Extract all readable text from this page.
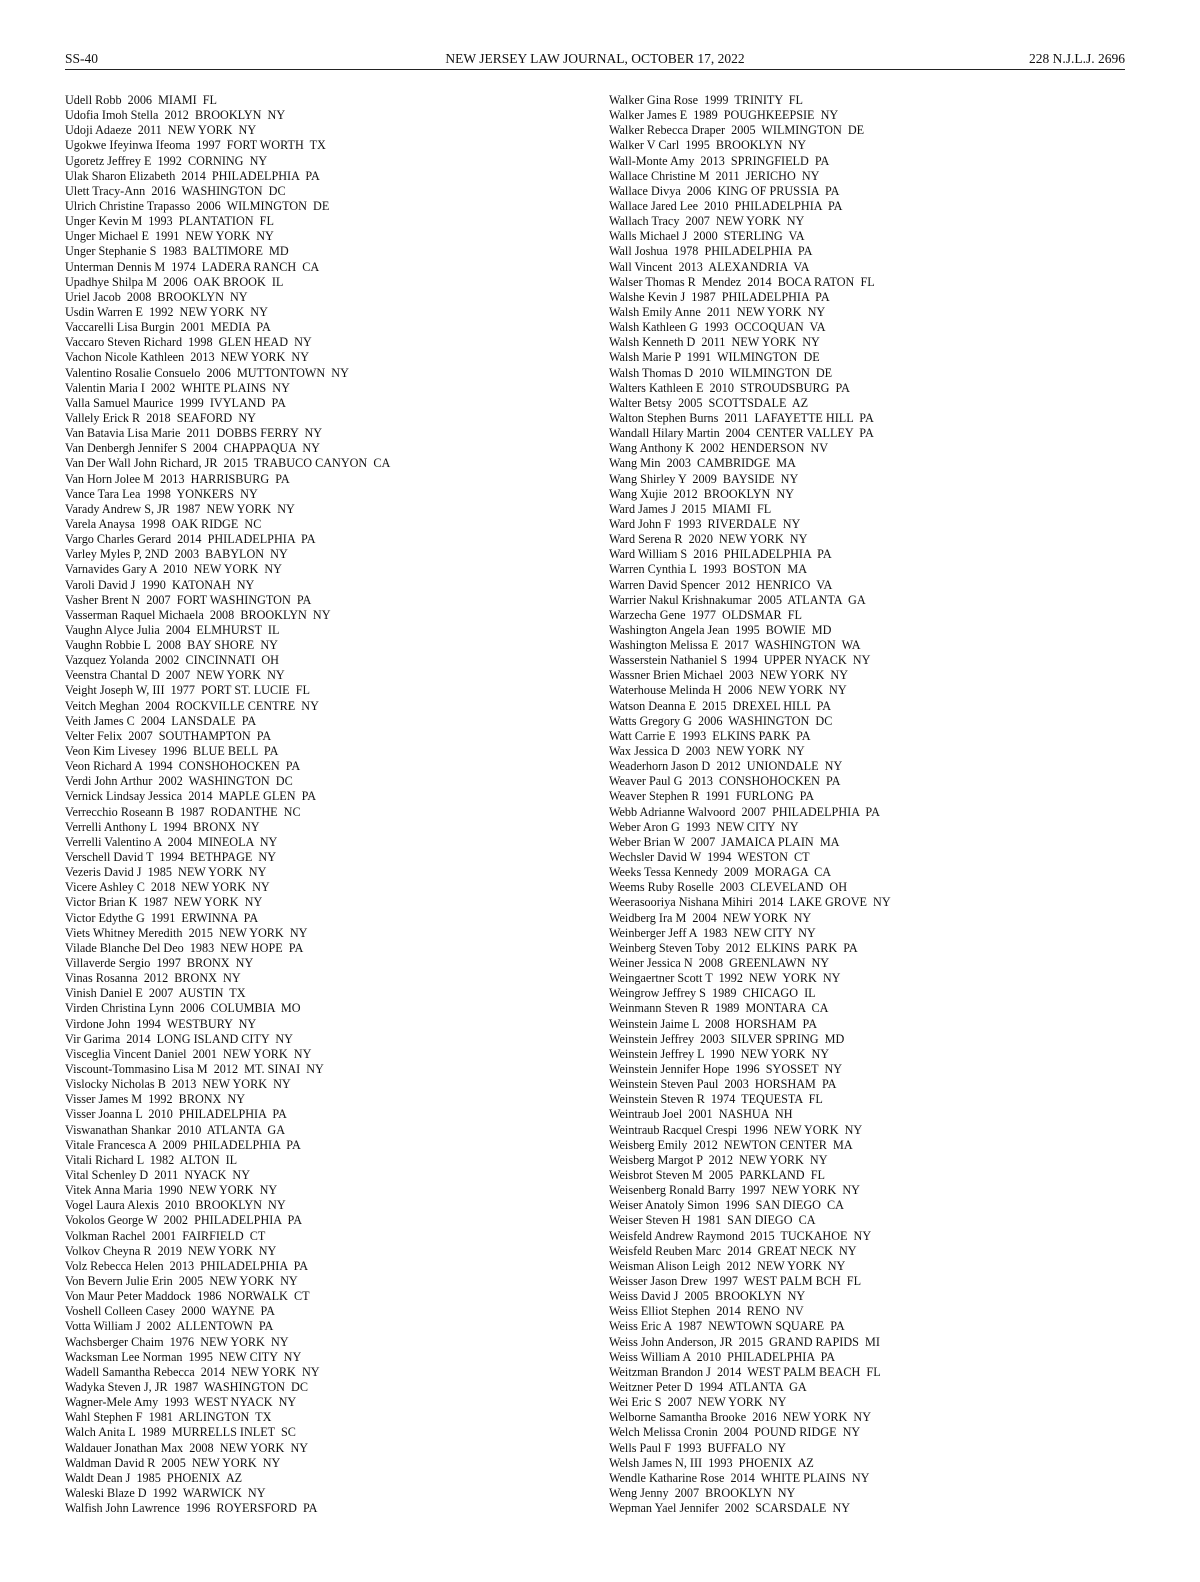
SS-40	NEW JERSEY LAW JOURNAL, OCTOBER 17, 2022	228 N.J.L.J. 2696
Udell Robb  2006  MIAMI  FL
Udofia Imoh Stella  2012  BROOKLYN  NY
Udoji Adaeze  2011  NEW YORK  NY
Ugokwe Ifeyinwa Ifeoma  1997  FORT WORTH  TX
Ugoretz Jeffrey E  1992  CORNING  NY
Ulak Sharon Elizabeth  2014  PHILADELPHIA  PA
Ulett Tracy-Ann  2016  WASHINGTON  DC
Ulrich Christine Trapasso  2006  WILMINGTON  DE
Unger Kevin M  1993  PLANTATION  FL
Unger Michael E  1991  NEW YORK  NY
Unger Stephanie S  1983  BALTIMORE  MD
Unterman Dennis M  1974  LADERA RANCH  CA
Upadhye Shilpa M  2006  OAK BROOK  IL
Uriel Jacob  2008  BROOKLYN  NY
Usdin Warren E  1992  NEW YORK  NY
Vaccarelli Lisa Burgin  2001  MEDIA  PA
Vaccaro Steven Richard  1998  GLEN HEAD  NY
Vachon Nicole Kathleen  2013  NEW YORK  NY
Valentino Rosalie Consuelo  2006  MUTTONTOWN  NY
Valentin Maria I  2002  WHITE PLAINS  NY
Valla Samuel Maurice  1999  IVYLAND  PA
Vallely Erick R  2018  SEAFORD  NY
Van Batavia Lisa Marie  2011  DOBBS FERRY  NY
Van Denbergh Jennifer S  2004  CHAPPAQUA  NY
Van Der Wall John Richard, JR  2015  TRABUCO CANYON  CA
Van Horn Jolee M  2013  HARRISBURG  PA
Vance Tara Lea  1998  YONKERS  NY
Varady Andrew S, JR  1987  NEW YORK  NY
Varela Anaysa  1998  OAK RIDGE  NC
Vargo Charles Gerard  2014  PHILADELPHIA  PA
Varley Myles P, 2ND  2003  BABYLON  NY
Varnavides Gary A  2010  NEW YORK  NY
Varoli David J  1990  KATONAH  NY
Vasher Brent N  2007  FORT WASHINGTON  PA
Vasserman Raquel Michaela  2008  BROOKLYN  NY
Vaughn Alyce Julia  2004  ELMHURST  IL
Vaughn Robbie L  2008  BAY SHORE  NY
Vazquez Yolanda  2002  CINCINNATI  OH
Veenstra Chantal D  2007  NEW YORK  NY
Veight Joseph W, III  1977  PORT ST. LUCIE  FL
Veitch Meghan  2004  ROCKVILLE CENTRE  NY
Veith James C  2004  LANSDALE  PA
Velter Felix  2007  SOUTHAMPTON  PA
Veon Kim Livesey  1996  BLUE BELL  PA
Veon Richard A  1994  CONSHOHOCKEN  PA
Verdi John Arthur  2002  WASHINGTON  DC
Vernick Lindsay Jessica  2014  MAPLE GLEN  PA
Verrecchio Roseann B  1987  RODANTHE  NC
Verrelli Anthony L  1994  BRONX  NY
Verrelli Valentino A  2004  MINEOLA  NY
Verschell David T  1994  BETHPAGE  NY
Vezeris David J  1985  NEW YORK  NY
Vicere Ashley C  2018  NEW YORK  NY
Victor Brian K  1987  NEW YORK  NY
Victor Edythe G  1991  ERWINNA  PA
Viets Whitney Meredith  2015  NEW YORK  NY
Vilade Blanche Del Deo  1983  NEW HOPE  PA
Villaverde Sergio  1997  BRONX  NY
Vinas Rosanna  2012  BRONX  NY
Vinish Daniel E  2007  AUSTIN  TX
Virden Christina Lynn  2006  COLUMBIA  MO
Virdone John  1994  WESTBURY  NY
Vir Garima  2014  LONG ISLAND CITY  NY
Visceglia Vincent Daniel  2001  NEW YORK  NY
Viscount-Tommasino Lisa M  2012  MT. SINAI  NY
Vislocky Nicholas B  2013  NEW YORK  NY
Visser James M  1992  BRONX  NY
Visser Joanna L  2010  PHILADELPHIA  PA
Viswanathan Shankar  2010  ATLANTA  GA
Vitale Francesca A  2009  PHILADELPHIA  PA
Vitali Richard L  1982  ALTON  IL
Vital Schenley D  2011  NYACK  NY
Vitek Anna Maria  1990  NEW YORK  NY
Vogel Laura Alexis  2010  BROOKLYN  NY
Vokolos George W  2002  PHILADELPHIA  PA
Volkman Rachel  2001  FAIRFIELD  CT
Volkov Cheyna R  2019  NEW YORK  NY
Volz Rebecca Helen  2013  PHILADELPHIA  PA
Von Bevern Julie Erin  2005  NEW YORK  NY
Von Maur Peter Maddock  1986  NORWALK  CT
Voshell Colleen Casey  2000  WAYNE  PA
Votta William J  2002  ALLENTOWN  PA
Wachsberger Chaim  1976  NEW YORK  NY
Wacksman Lee Norman  1995  NEW CITY  NY
Wadell Samantha Rebecca  2014  NEW YORK  NY
Wadyka Steven J, JR  1987  WASHINGTON  DC
Wagner-Mele Amy  1993  WEST NYACK  NY
Wahl Stephen F  1981  ARLINGTON  TX
Walch Anita L  1989  MURRELLS INLET  SC
Waldauer Jonathan Max  2008  NEW YORK  NY
Waldman David R  2005  NEW YORK  NY
Waldt Dean J  1985  PHOENIX  AZ
Waleski Blaze D  1992  WARWICK  NY
Walfish John Lawrence  1996  ROYERSFORD  PA
Walker Gina Rose  1999  TRINITY  FL
Walker James E  1989  POUGHKEEPSIE  NY
Walker Rebecca Draper  2005  WILMINGTON  DE
Walker V Carl  1995  BROOKLYN  NY
Wall-Monte Amy  2013  SPRINGFIELD  PA
Wallace Christine M  2011  JERICHO  NY
Wallace Divya  2006  KING OF PRUSSIA  PA
Wallace Jared Lee  2010  PHILADELPHIA  PA
Wallach Tracy  2007  NEW YORK  NY
Walls Michael J  2000  STERLING  VA
Wall Joshua  1978  PHILADELPHIA  PA
Wall Vincent  2013  ALEXANDRIA  VA
Walser Thomas R  Mendez  2014  BOCA RATON  FL
Walshe Kevin J  1987  PHILADELPHIA  PA
Walsh Emily Anne  2011  NEW YORK  NY
Walsh Kathleen G  1993  OCCOQUAN  VA
Walsh Kenneth D  2011  NEW YORK  NY
Walsh Marie P  1991  WILMINGTON  DE
Walsh Thomas D  2010  WILMINGTON  DE
Walters Kathleen E  2010  STROUDSBURG  PA
Walter Betsy  2005  SCOTTSDALE  AZ
Walton Stephen Burns  2011  LAFAYETTE HILL  PA
Wandall Hilary Martin  2004  CENTER VALLEY  PA
Wang Anthony K  2002  HENDERSON  NV
Wang Min  2003  CAMBRIDGE  MA
Wang Shirley Y  2009  BAYSIDE  NY
Wang Xujie  2012  BROOKLYN  NY
Ward James J  2015  MIAMI  FL
Ward John F  1993  RIVERDALE  NY
Ward Serena R  2020  NEW YORK  NY
Ward William S  2016  PHILADELPHIA  PA
Warren Cynthia L  1993  BOSTON  MA
Warren David Spencer  2012  HENRICO  VA
Warrier Nakul Krishnakumar  2005  ATLANTA  GA
Warzecha Gene  1977  OLDSMAR  FL
Washington Angela Jean  1995  BOWIE  MD
Washington Melissa E  2017  WASHINGTON  WA
Wasserstein Nathaniel S  1994  UPPER NYACK  NY
Wassner Brien Michael  2003  NEW YORK  NY
Waterhouse Melinda H  2006  NEW YORK  NY
Watson Deanna E  2015  DREXEL HILL  PA
Watts Gregory G  2006  WASHINGTON  DC
Watt Carrie E  1993  ELKINS PARK  PA
Wax Jessica D  2003  NEW YORK  NY
Weaderhorn Jason D  2012  UNIONDALE  NY
Weaver Paul G  2013  CONSHOHOCKEN  PA
Weaver Stephen R  1991  FURLONG  PA
Webb Adrianne Walvoord  2007  PHILADELPHIA  PA
Weber Aron G  1993  NEW CITY  NY
Weber Brian W  2007  JAMAICA PLAIN  MA
Wechsler David W  1994  WESTON  CT
Weeks Tessa Kennedy  2009  MORAGA  CA
Weems Ruby Roselle  2003  CLEVELAND  OH
Weerasooriya Nishana Mihiri  2014  LAKE GROVE  NY
Weidberg Ira M  2004  NEW YORK  NY
Weinberger Jeff A  1983  NEW CITY  NY
Weinberg Steven Toby  2012  ELKINS  PARK  PA
Weiner Jessica N  2008  GREENLAWN  NY
Weingaertner Scott T  1992  NEW  YORK  NY
Weingrow Jeffrey S  1989  CHICAGO  IL
Weinmann Steven R  1989  MONTARA  CA
Weinstein Jaime L  2008  HORSHAM  PA
Weinstein Jeffrey  2003  SILVER SPRING  MD
Weinstein Jeffrey L  1990  NEW YORK  NY
Weinstein Jennifer Hope  1996  SYOSSET  NY
Weinstein Steven Paul  2003  HORSHAM  PA
Weinstein Steven R  1974  TEQUESTA  FL
Weintraub Joel  2001  NASHUA  NH
Weintraub Racquel Crespi  1996  NEW YORK  NY
Weisberg Emily  2012  NEWTON CENTER  MA
Weisberg Margot P  2012  NEW YORK  NY
Weisbrot Steven M  2005  PARKLAND  FL
Weisenberg Ronald Barry  1997  NEW YORK  NY
Weiser Anatoly Simon  1996  SAN DIEGO  CA
Weiser Steven H  1981  SAN DIEGO  CA
Weisfeld Andrew Raymond  2015  TUCKAHOE  NY
Weisfeld Reuben Marc  2014  GREAT NECK  NY
Weisman Alison Leigh  2012  NEW YORK  NY
Weisser Jason Drew  1997  WEST PALM BCH  FL
Weiss David J  2005  BROOKLYN  NY
Weiss Elliot Stephen  2014  RENO  NV
Weiss Eric A  1987  NEWTOWN SQUARE  PA
Weiss John Anderson, JR  2015  GRAND RAPIDS  MI
Weiss William A  2010  PHILADELPHIA  PA
Weitzman Brandon J  2014  WEST PALM BEACH  FL
Weitzner Peter D  1994  ATLANTA  GA
Wei Eric S  2007  NEW YORK  NY
Welborne Samantha Brooke  2016  NEW YORK  NY
Welch Melissa Cronin  2004  POUND RIDGE  NY
Wells Paul F  1993  BUFFALO  NY
Welsh James N, III  1993  PHOENIX  AZ
Wendle Katharine Rose  2014  WHITE PLAINS  NY
Weng Jenny  2007  BROOKLYN  NY
Wepman Yael Jennifer  2002  SCARSDALE  NY
